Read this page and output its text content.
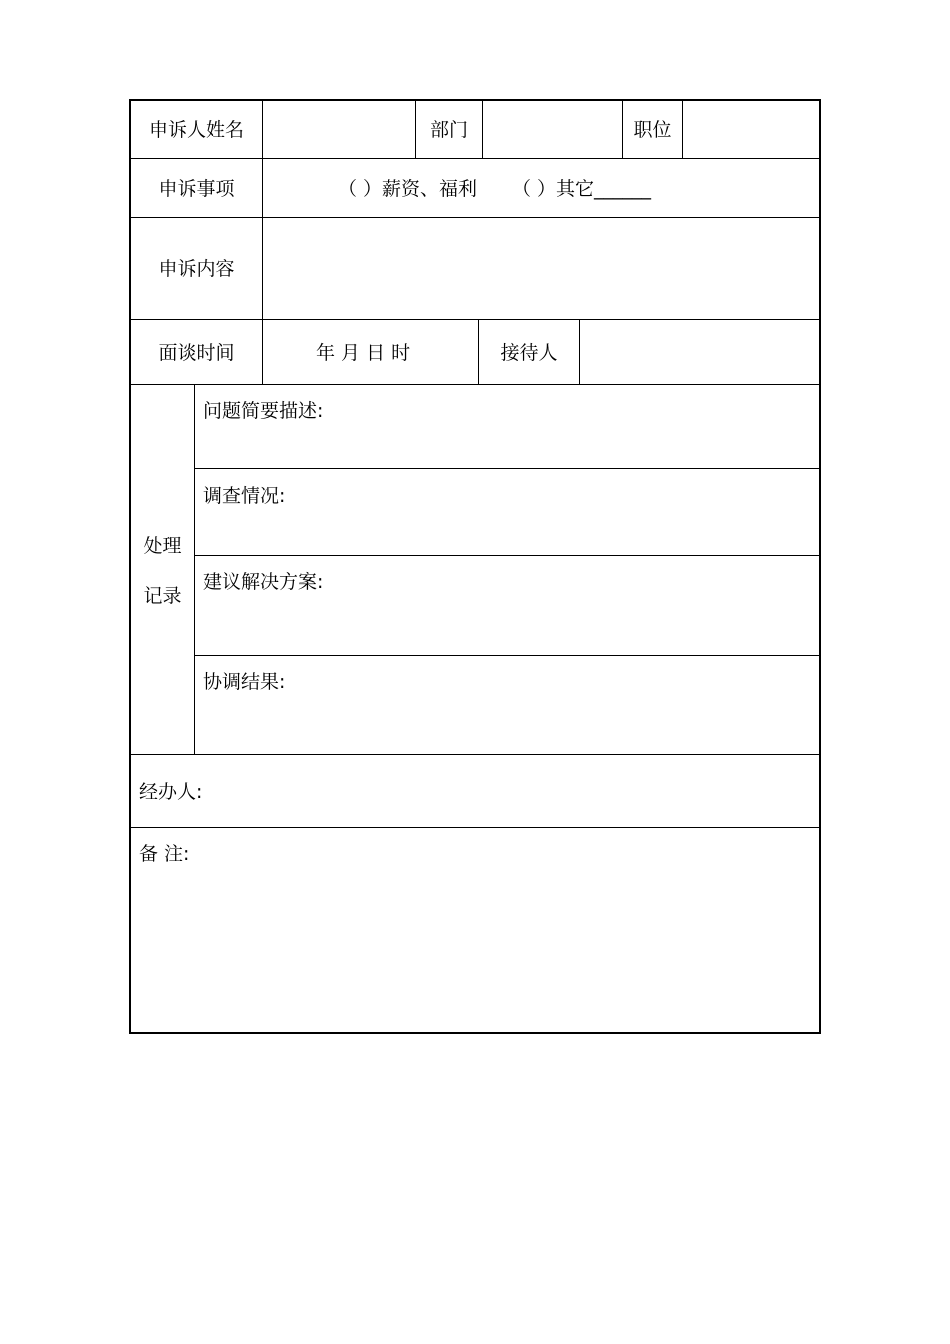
申诉人姓名	部门	职位
申诉事项	（ ）薪资、福利 （ ）其它______
申诉内容
面谈时间	年 月 日 时	接待人
处理
记录
问题简要描述:
调查情况:
建议解决方案:
协调结果:
经办人:
备 注:
